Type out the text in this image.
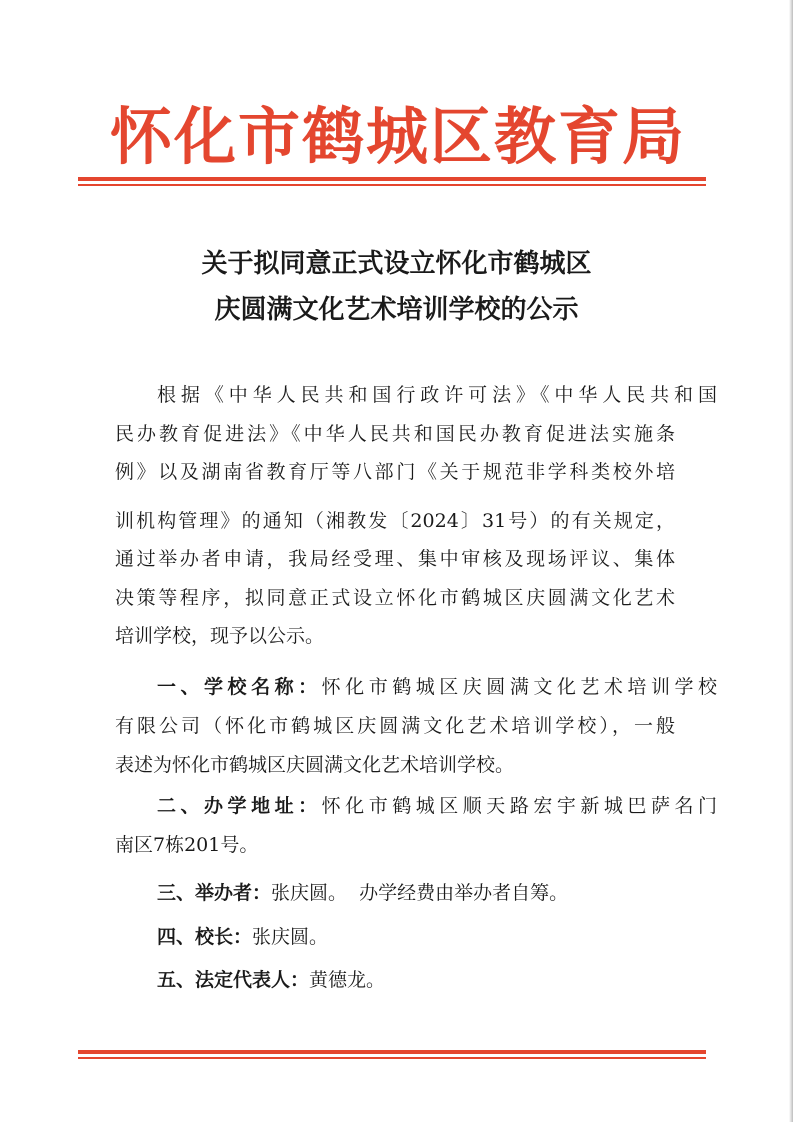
怀化市鹤城区教育局
关于拟同意正式设立怀化市鹤城区
庆圆满文化艺术培训学校的公示
根据《中华人民共和国行政许可法》《中华人民共和国
民办教育促进法》《中华人民共和国民办教育促进法实施条
例》以及湖南省教育厅等八部门《关于规范非学科类校外培
训机构管理》的通知（湘教发〔2024〕31号）的有关规定，
通过举办者申请，我局经受理、集中审核及现场评议、集体
决策等程序，拟同意正式设立怀化市鹤城区庆圆满文化艺术
培训学校，现予以公示。
一、学校名称：怀化市鹤城区庆圆满文化艺术培训学校
有限公司（怀化市鹤城区庆圆满文化艺术培训学校），一般
表述为怀化市鹤城区庆圆满文化艺术培训学校。
二、办学地址：怀化市鹤城区顺天路宏宇新城巴萨名门
南区7栋201号。
三、举办者：张庆圆。  办学经费由举办者自筹。
四、校长：张庆圆。
五、法定代表人：黄德龙。
